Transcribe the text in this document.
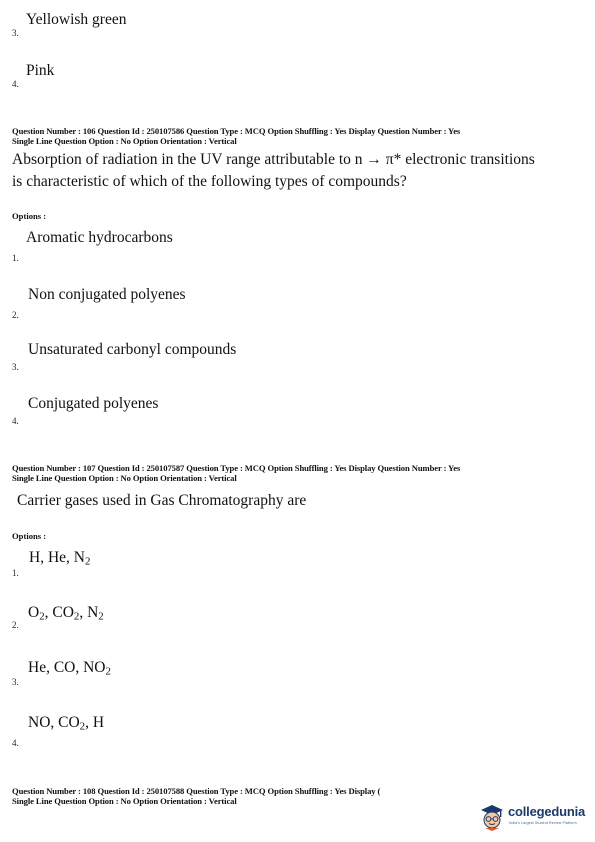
Yellowish green
3.
Pink
4.
Question Number : 106 Question Id : 250107586 Question Type : MCQ Option Shuffling : Yes Display Question Number : Yes
Single Line Question Option : No Option Orientation : Vertical
Absorption of radiation in the UV range attributable to n → π* electronic transitions
is characteristic of which of the following types of compounds?
Options :
Aromatic hydrocarbons
1.
Non conjugated polyenes
2.
Unsaturated carbonyl compounds
3.
Conjugated polyenes
4.
Question Number : 107 Question Id : 250107587 Question Type : MCQ Option Shuffling : Yes Display Question Number : Yes
Single Line Question Option : No Option Orientation : Vertical
Carrier gases used in Gas Chromatography are
Options :
H, He, $N_2$
1.
$O_2$, $CO_2$, $N_2$
2.
He, CO, $NO_2$
3.
NO, $CO_2$, H
4.
Question Number : 108 Question Id : 250107588 Question Type : MCQ Option Shuffling : Yes Display (
Single Line Question Option : No Option Orientation : Vertical
collegedunia
India's Largest Student Review Platform
